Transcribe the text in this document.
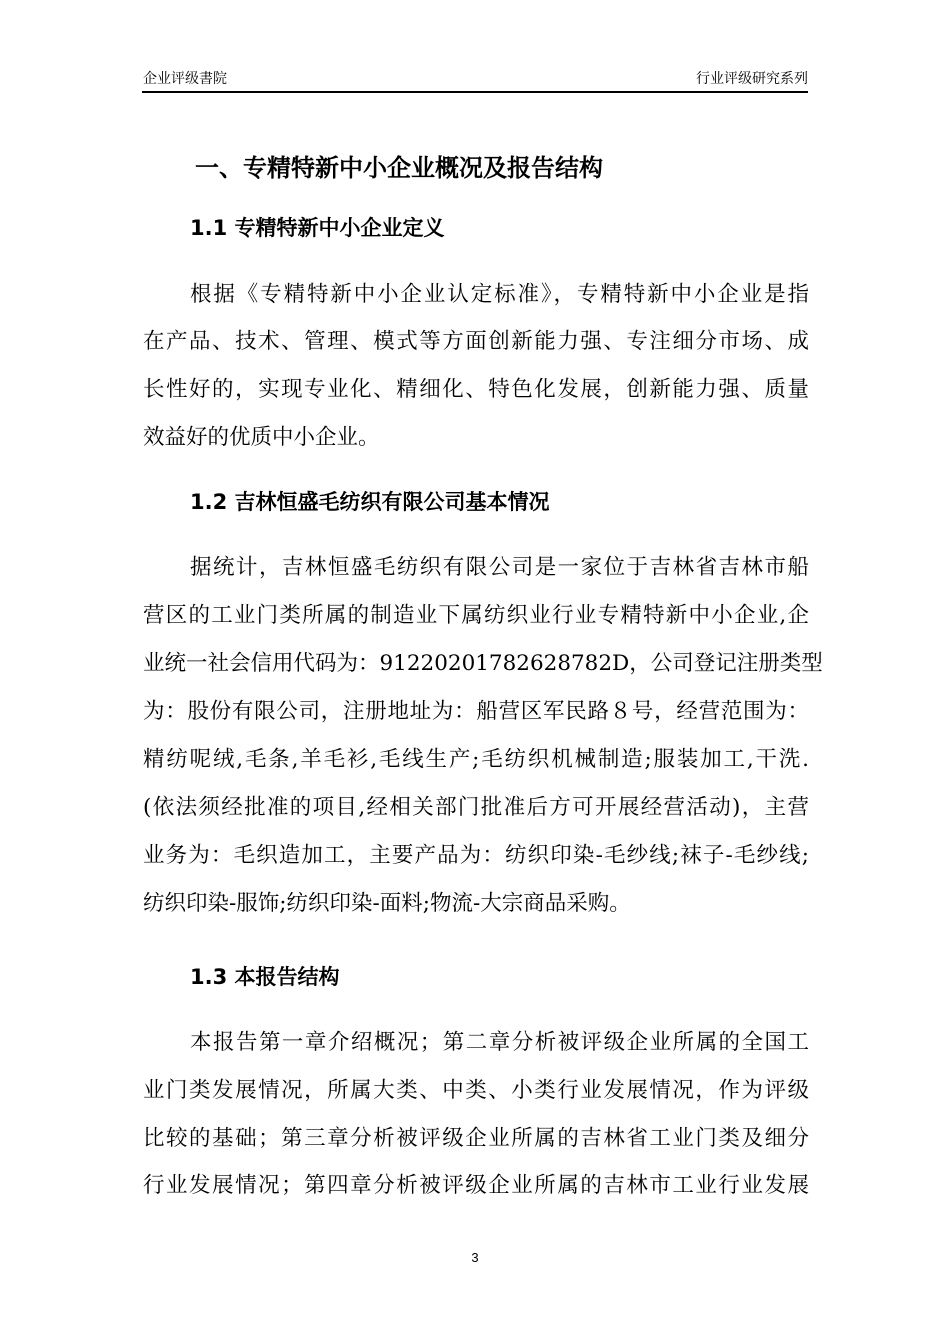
企业评级書院	行业评级研究系列
一、专精特新中小企业概况及报告结构
1.1 专精特新中小企业定义
根据《专精特新中小企业认定标准》，专精特新中小企业是指
在产品、技术、管理、模式等方面创新能力强、专注细分市场、成
长性好的，实现专业化、精细化、特色化发展，创新能力强、质量
效益好的优质中小企业。
1.2 吉林恒盛毛纺织有限公司基本情况
据统计，吉林恒盛毛纺织有限公司是一家位于吉林省吉林市船
营区的工业门类所属的制造业下属纺织业行业专精特新中小企业,企
业统一社会信用代码为：91220201782628782D，公司登记注册类型
为：股份有限公司，注册地址为：船营区军民路８号，经营范围为：
精纺呢绒,毛条,羊毛衫,毛线生产;毛纺织机械制造;服装加工,干洗.
(依法须经批准的项目,经相关部门批准后方可开展经营活动)，主营
业务为：毛织造加工，主要产品为：纺织印染-毛纱线;袜子-毛纱线;
纺织印染-服饰;纺织印染-面料;物流-大宗商品采购。
1.3 本报告结构
本报告第一章介绍概况；第二章分析被评级企业所属的全国工
业门类发展情况，所属大类、中类、小类行业发展情况，作为评级
比较的基础；第三章分析被评级企业所属的吉林省工业门类及细分
行业发展情况；第四章分析被评级企业所属的吉林市工业行业发展
3
